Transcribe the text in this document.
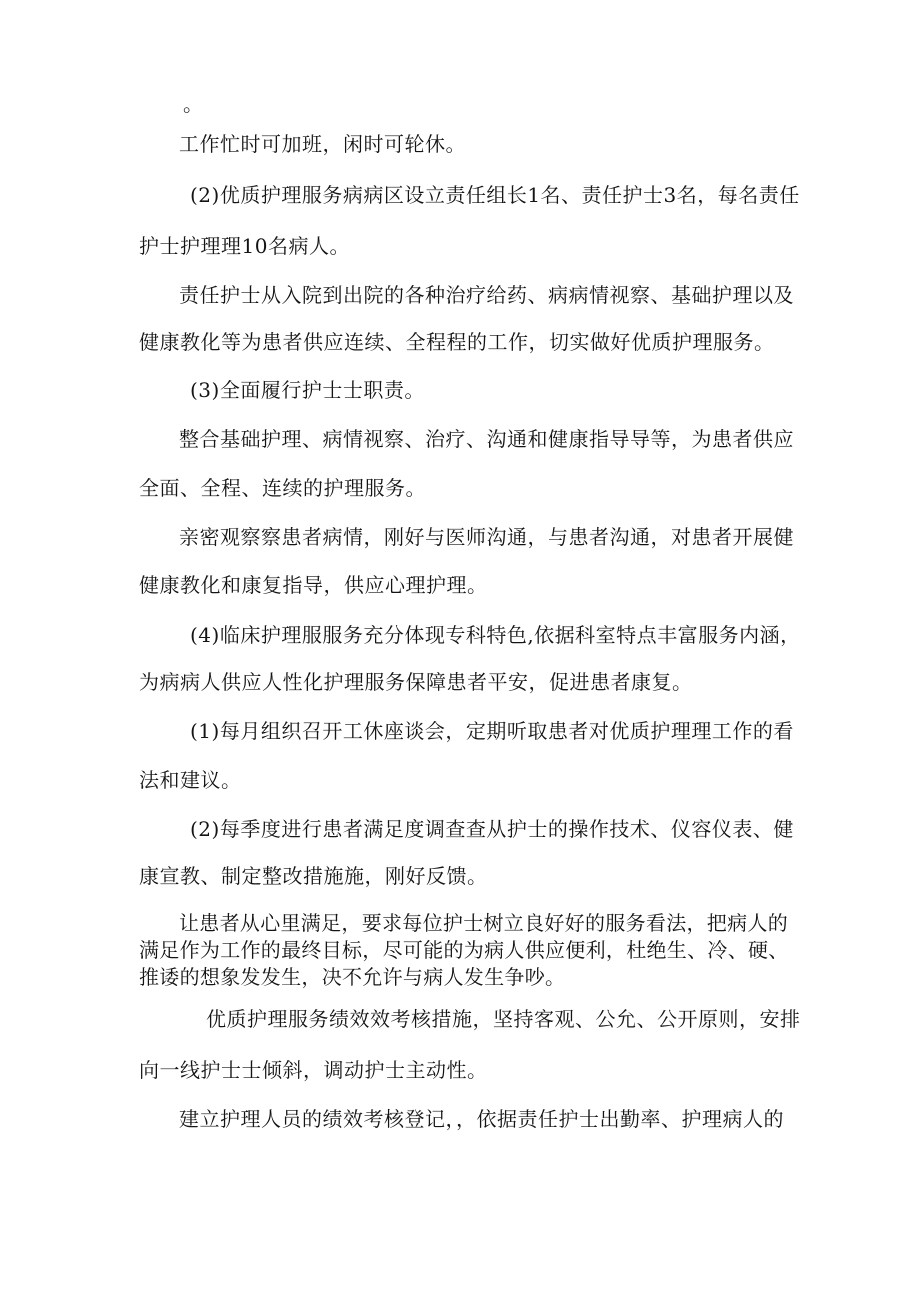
。
工作忙时可加班，闲时可轮休。
(2)优质护理服务病病区设立责任组长1名、责任护士3名，每名责任
护士护理理10名病人。
责任护士从入院到出院的各种治疗给药、病病情视察、基础护理以及
健康教化等为患者供应连续、全程程的工作，切实做好优质护理服务。
(3)全面履行护士士职责。
整合基础护理、病情视察、治疗、沟通和健康指导导等，为患者供应
全面、全程、连续的护理服务。
亲密观察察患者病情，刚好与医师沟通，与患者沟通，对患者开展健
健康教化和康复指导，供应心理护理。
(4)临床护理服服务充分体现专科特色,依据科室特点丰富服务内涵，
为病病人供应人性化护理服务保障患者平安，促进患者康复。
(1)每月组织召开工休座谈会，定期听取患者对优质护理理工作的看
法和建议。
(2)每季度进行患者满足度调查查从护士的操作技术、仪容仪表、健
康宣教、制定整改措施施，刚好反馈。
让患者从心里满足，要求每位护士树立良好好的服务看法，把病人的满足作为工作的最终目标，尽可能的为病人供应便利，杜绝生、冷、硬、推诿的想象发发生，决不允许与病人发生争吵。
优质护理服务绩效效考核措施，坚持客观、公允、公开原则，安排
向一线护士士倾斜，调动护士主动性。
建立护理人员的绩效考核登记，，依据责任护士出勤率、护理病人的
